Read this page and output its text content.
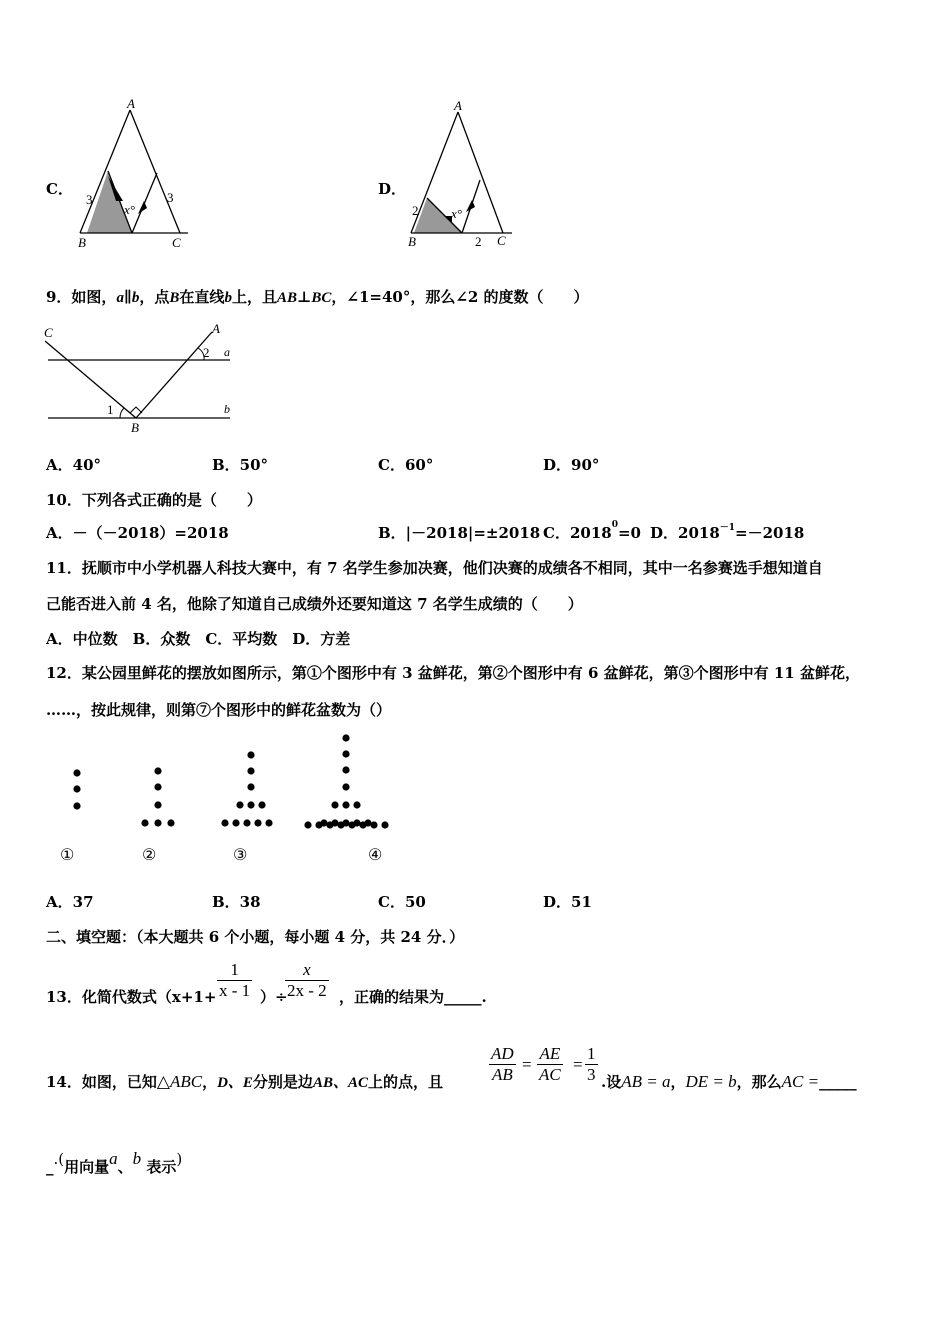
C．
A
B	C
3	3
x°
D．
A
B	C
2
2
x°
9．如图，a∥b，点B在直线b上，且AB⊥BC，∠1=40°，那么∠2 的度数（　　）
C	A
B
1
2 a
b
A．40°	B．50°	C．60°	D．90°
10．下列各式正确的是（　　）
A．－（－2018）=2018	B．|－2018|=±2018 C．$2018^0=0$ D．$2018^{-1}=-2018$
11．抚顺市中小学机器人科技大赛中，有 7 名学生参加决赛，他们决赛的成绩各不相同，其中一名参赛选手想知道自
己能否进入前 4 名，他除了知道自己成绩外还要知道这 7 名学生成绩的（　　）
A．中位数　B．众数　C．平均数　D．方差
12．某公园里鲜花的摆放如图所示，第①个图形中有 3 盆鲜花，第②个图形中有 6 盆鲜花，第③个图形中有 11 盆鲜花，
……，按此规律，则第⑦个图形中的鲜花盆数为（）
①	②	③	④
A．37	B．38	C．50	D．51
二、填空题：（本大题共 6 个小题，每小题 4 分，共 24 分．）
13．化简代数式（$x+1+ \frac{1}{x - 1}$ ）÷
$\frac{x}{2x - 2}$ ，正确的结果为_____.
14．如图，已知△ABC，D、E分别是边AB、AC上的点，且	$\frac{AD}{AB} = \frac{AE}{AC} = \frac{1}{3}$ .设AB = a，DE = b，那么AC =_____
_.(用向量a、b 表示)
